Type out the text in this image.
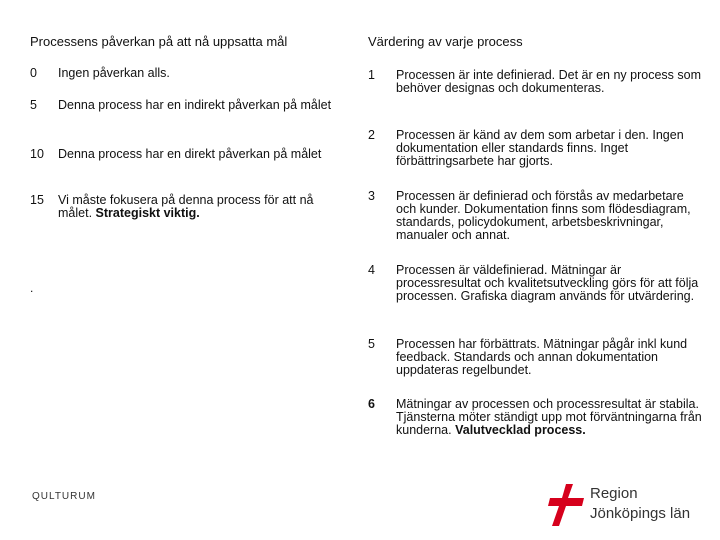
Processens påverkan på att nå uppsatta mål	Värdering av varje process
0	Ingen påverkan alls.
5	Denna process har en indirekt påverkan på målet
10	Denna process har en direkt påverkan på målet
15	Vi måste fokusera på denna process för att nå målet. Strategiskt viktig.
.
1 Processen är inte definierad. Det är en ny process som behöver designas och dokumenteras.
2 Processen är känd av dem som arbetar i den. Ingen dokumentation eller standards finns. Inget förbättringsarbete har gjorts.
3 Processen är definierad och förstås av medarbetare och kunder. Dokumentation finns som flödesdiagram, standards, policydokument, arbetsbeskrivningar, manualer och annat.
4 Processen är väldefinierad. Mätningar är processresultat och kvalitetsutveckling görs för att följa processen. Grafiska diagram används för utvärdering.
5 Processen har förbättrats. Mätningar pågår inkl kund feedback. Standards och annan dokumentation uppdateras regelbundet.
6 Mätningar av processen och processresultat är stabila. Tjänsterna möter ständigt upp mot förväntningarna från kunderna. Valutvecklad process.
QULTURUM	Region
Jönköpings län
